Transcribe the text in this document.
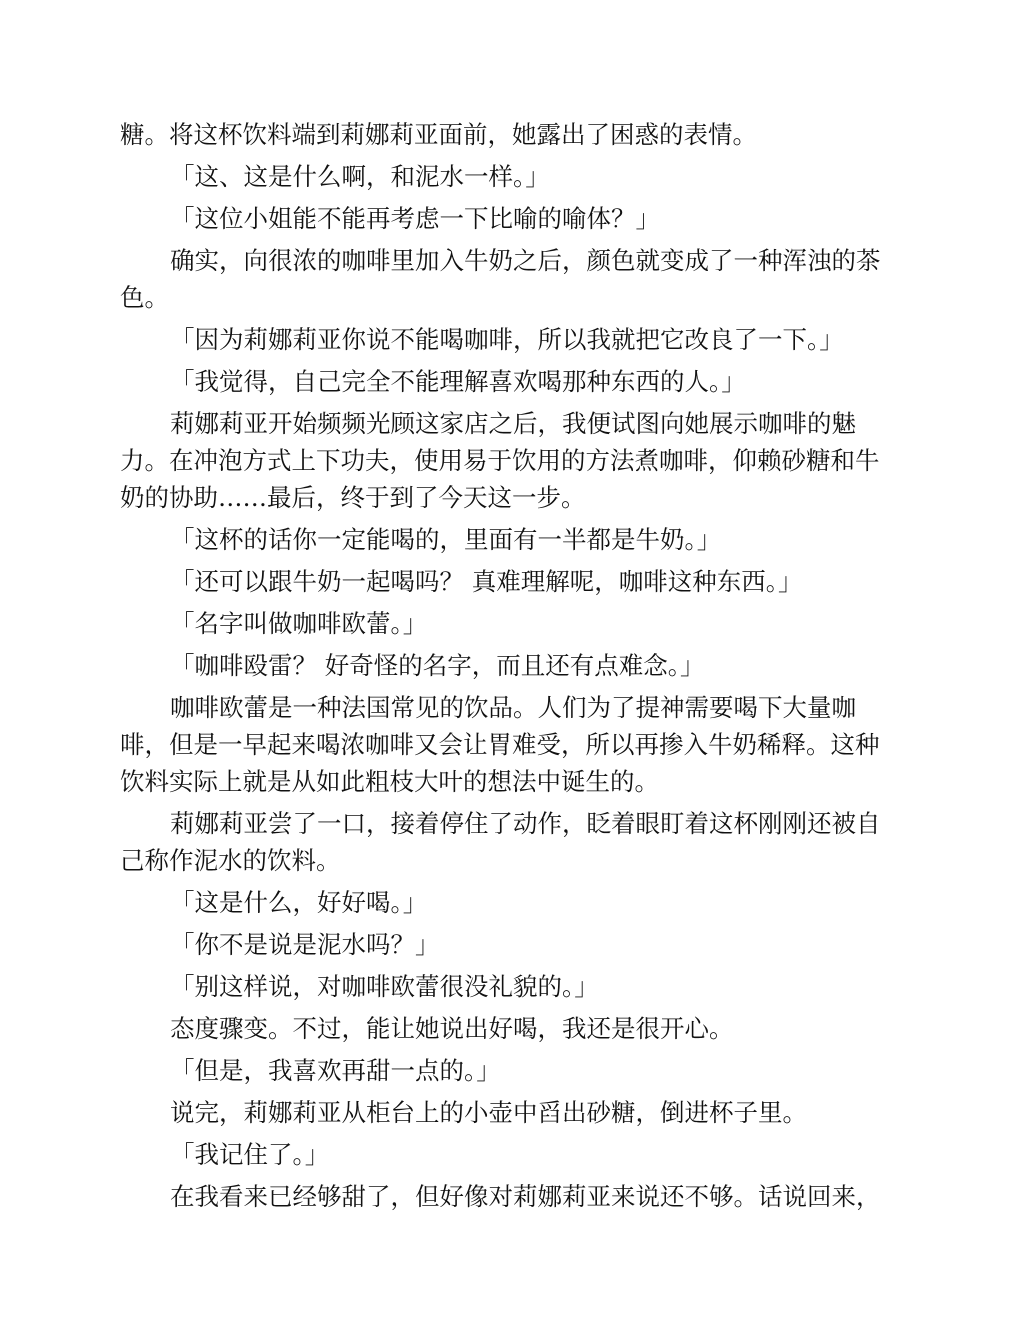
糖。将这杯饮料端到莉娜莉亚面前，她露出了困惑的表情。

「这、这是什么啊，和泥水一样。」

「这位小姐能不能再考虑一下比喻的喻体？」

确实，向很浓的咖啡里加入牛奶之后，颜色就变成了一种浑浊的茶色。

「因为莉娜莉亚你说不能喝咖啡，所以我就把它改良了一下。」

「我觉得，自己完全不能理解喜欢喝那种东西的人。」

莉娜莉亚开始频频光顾这家店之后，我便试图向她展示咖啡的魅力。在冲泡方式上下功夫，使用易于饮用的方法煮咖啡，仰赖砂糖和牛奶的协助……最后，终于到了今天这一步。

「这杯的话你一定能喝的，里面有一半都是牛奶。」

「还可以跟牛奶一起喝吗？ 真难理解呢，咖啡这种东西。」

「名字叫做咖啡欧蕾。」

「咖啡殴雷？ 好奇怪的名字，而且还有点难念。」

咖啡欧蕾是一种法国常见的饮品。人们为了提神需要喝下大量咖啡，但是一早起来喝浓咖啡又会让胃难受，所以再掺入牛奶稀释。这种饮料实际上就是从如此粗枝大叶的想法中诞生的。

莉娜莉亚尝了一口，接着停住了动作，眨着眼盯着这杯刚刚还被自己称作泥水的饮料。

「这是什么，好好喝。」

「你不是说是泥水吗？」

「别这样说，对咖啡欧蕾很没礼貌的。」

态度骤变。不过，能让她说出好喝，我还是很开心。

「但是，我喜欢再甜一点的。」

说完，莉娜莉亚从柜台上的小壶中舀出砂糖，倒进杯子里。

「我记住了。」

在我看来已经够甜了，但好像对莉娜莉亚来说还不够。话说回来，
